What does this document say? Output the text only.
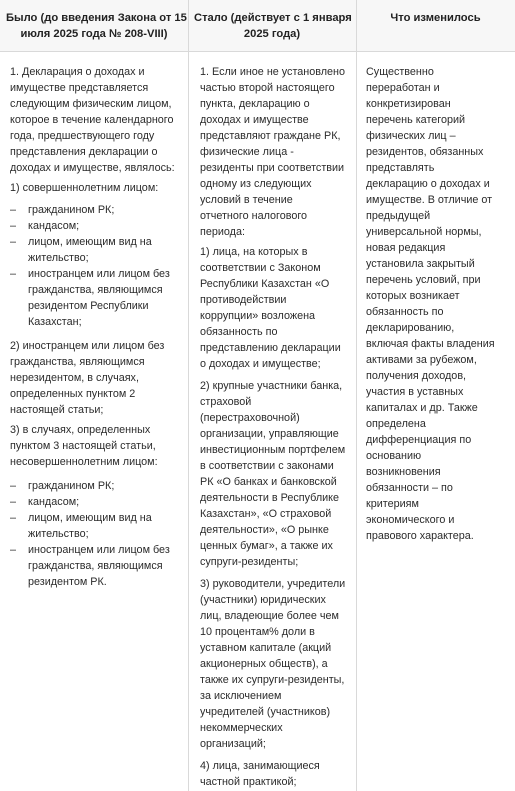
Было (до введения Закона от 15
июля 2025 года № 208-VIII)
Стало (действует с 1 января
2025 года)
Что изменилось

1. Декларация о доходах и
имуществе представляется
следующим физическим лицом,
которое в течение календарного
года, предшествующего году
представления декларации о
доходах и имуществе, являлось:

1) совершеннолетним лицом:

– гражданином РК;
– кандасом;
– лицом, имеющим вид на
жительство;
– иностранцем или лицом без
гражданства, являющимся
резидентом Республики
Казахстан;

2) иностранцем или лицом без
гражданства, являющимся
нерезидентом, в случаях,
определенных пунктом 2
настоящей статьи;

3) в случаях, определенных
пунктом 3 настоящей статьи,
несовершеннолетним лицом:

– гражданином РК;
– кандасом;
– лицом, имеющим вид на
жительство;
– иностранцем или лицом без
гражданства, являющимся
резидентом РК.

1. Если иное не установлено
частью второй настоящего
пункта, декларацию о
доходах и имуществе
представляют граждане РК,
физические лица -
резиденты при соответствии
одному из следующих
условий в течение
отчетного налогового
периода:

1) лица, на которых в
соответствии с Законом
Республики Казахстан «О
противодействии
коррупции» возложена
обязанность по
представлению декларации
о доходах и имуществе;

2) крупные участники банка,
страховой
(перестраховочной)
организации, управляющие
инвестиционным портфелем
в соответствии с законами
РК «О банках и банковской
деятельности в Республике
Казахстан», «О страховой
деятельности», «О рынке
ценных бумаг», а также их
супруги-резиденты;

3) руководители, учредители
(участники) юридических
лиц, владеющие более чем
10 процентам% доли в
уставном капитале (акций
акционерных обществ), а
также их супруги-резиденты,
за исключением
учредителей (участников)
некоммерческих
организаций;

4) лица, занимающиеся
частной практикой;

Существенно
переработан и
конкретизирован
перечень категорий
физических лиц –
резидентов, обязанных
представлять
декларацию о доходах и
имуществе. В отличие от
предыдущей
универсальной нормы,
новая редакция
установила закрытый
перечень условий, при
которых возникает
обязанность по
декларированию,
включая факты владения
активами за рубежом,
получения доходов,
участия в уставных
капиталах и др. Также
определена
дифференциация по
основанию
возникновения
обязанности – по
критериям
экономического и
правового характера.
